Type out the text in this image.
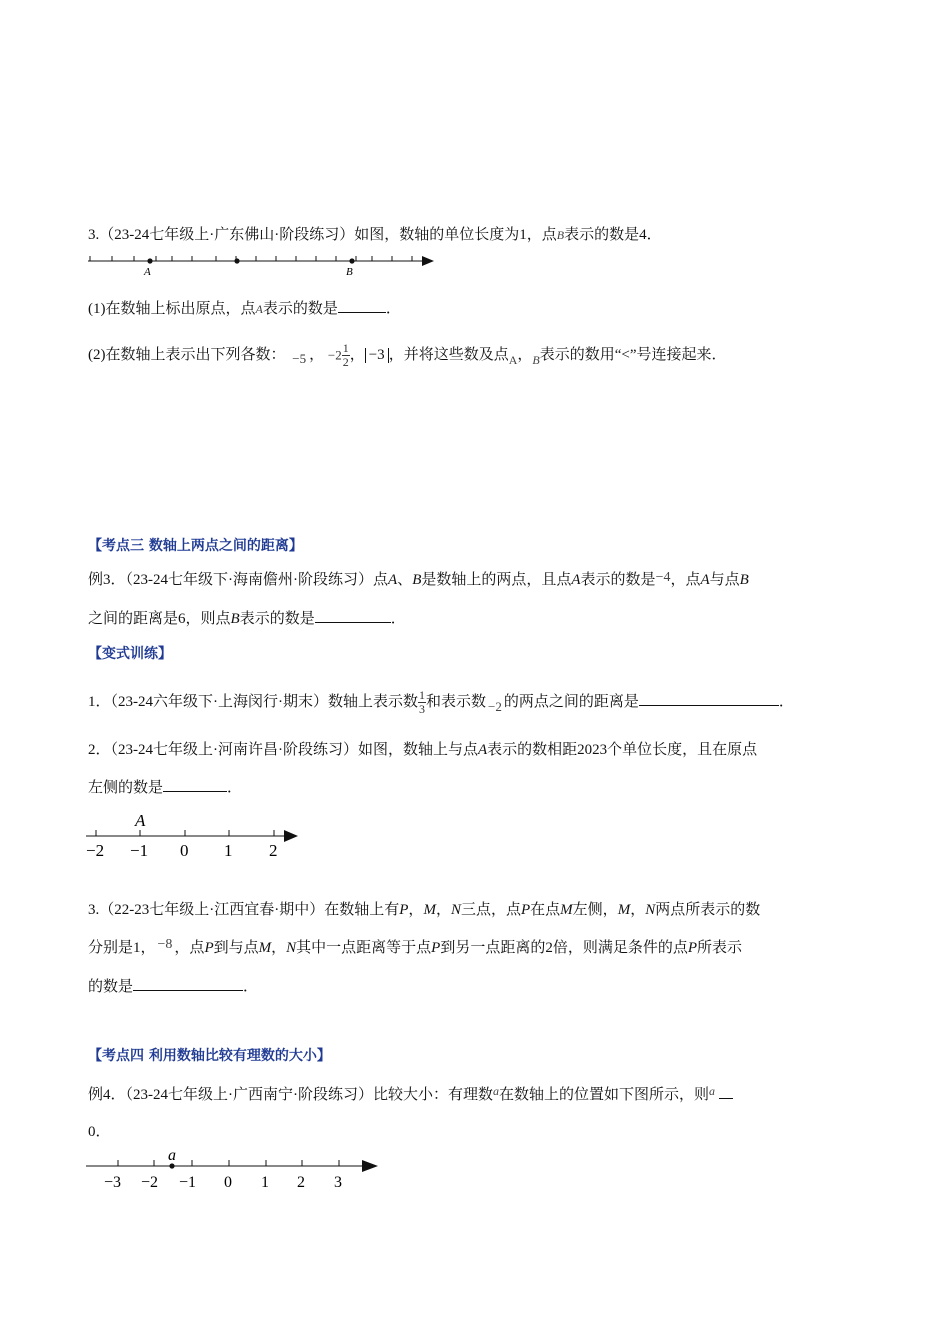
3.（23-24七年级上·广东佛山·阶段练习）如图，数轴的单位长度为1，点B表示的数是4．
A	B
(1)在数轴上标出原点，点A表示的数是	．
(2)在数轴上表示出下列各数： −5 ， $-2 \frac{1}{2}$ ， −3 ，并将这些数及点$_A$，$_B$表示的数用“<”号连接起来．
【考点三 数轴上两点之间的距离】
例3．（23-24七年级下·海南儋州·阶段练习）点A、B是数轴上的两点，且点A表示的数是−4，点A与点B
之间的距离是6，则点B表示的数是	．
【变式训练】
1．（23-24六年级下·上海闵行·期末）数轴上表示数 $\frac{1}{3}$ 和表示数 −2 的两点之间的距离是	．
2．（23-24七年级上·河南许昌·阶段练习）如图，数轴上与点A表示的数相距2023个单位长度，且在原点
左侧的数是	．
A
−2 −1 0 1 2
3.（22-23七年级上·江西宜春·期中）在数轴上有P，M，N三点，点P在点M左侧，M，N两点所表示的数
分别是1， −8 ，点P到与点M，N其中一点距离等于点P到另一点距离的2倍，则满足条件的点P所表示
的数是	．
【考点四 利用数轴比较有理数的大小】
例4．（23-24七年级上·广西南宁·阶段练习）比较大小：有理数$^a$在数轴上的位置如下图所示，则$^a$
0．
a
−3 −2 −1 0 1 2 3
